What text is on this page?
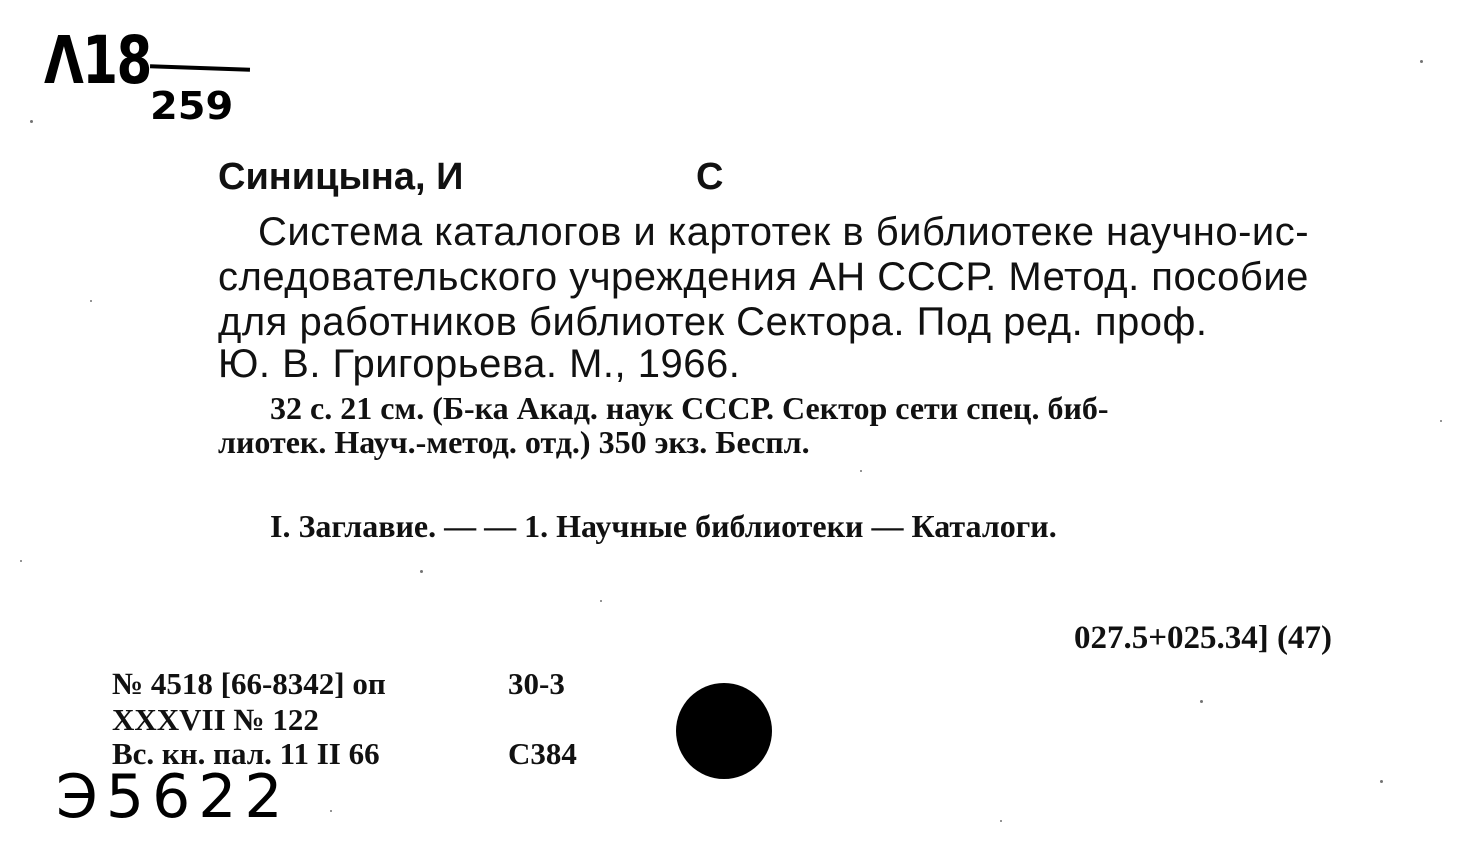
Λ18
259
Синицына, И	С
Система каталогов и картотек в библиотеке научно-ис-
следовательского учреждения АН СССР. Метод. пособие
для работников библиотек Сектора. Под ред. проф.
Ю. В. Григорьева. М., 1966.
32 с. 21 см. (Б-ка Акад. наук СССР. Сектор сети спец. биб-
лиотек. Науч.-метод. отд.) 350 экз. Беспл.
I. Заглавие. — — 1. Научные библиотеки — Каталоги.
027.5+025.34] (47)
№ 4518 [66-8342] оп	30-3
XXXVII № 122
Вс. кн. пал. 11 II 66	С384
Э5622
